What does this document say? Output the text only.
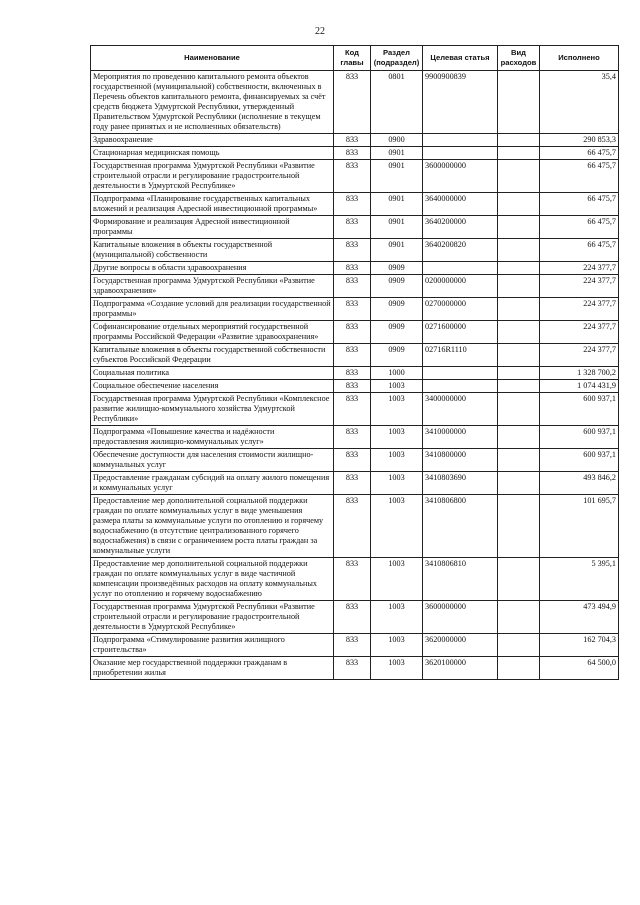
22
Наименование	Код главы	Раздел (подраздел)	Целевая статья	Вид расходов	Исполнено
Мероприятия по проведению капитального ремонта объектов государственной (муниципальной) собственности, включенных в Перечень объектов капитального ремонта, финансируемых за счёт средств бюджета Удмуртской Республики, утвержденный Правительством Удмуртской Республики (исполнение в текущем году ранее принятых и не исполненных обязательств)	833	0801	9900900839		35,4
Здравоохранение	833	0900			290 853,3
Стационарная медицинская помощь	833	0901			66 475,7
Государственная программа Удмуртской Республики «Развитие строительной отрасли и регулирование градостроительной деятельности в Удмуртской Республике»	833	0901	3600000000		66 475,7
Подпрограмма «Планирование государственных капитальных вложений и реализация Адресной инвестиционной программы»	833	0901	3640000000		66 475,7
Формирование и реализация Адресной инвестиционной программы	833	0901	3640200000		66 475,7
Капитальные вложения в объекты государственной (муниципальной) собственности	833	0901	3640200820		66 475,7
Другие вопросы в области здравоохранения	833	0909			224 377,7
Государственная программа Удмуртской Республики «Развитие здравоохранения»	833	0909	0200000000		224 377,7
Подпрограмма «Создание условий для реализации государственной программы»	833	0909	0270000000		224 377,7
Софинансирование отдельных мероприятий государственной программы Российской Федерации «Развитие здравоохранения»	833	0909	0271600000		224 377,7
Капитальные вложения в объекты государственной собственности субъектов Российской Федерации	833	0909	02716R1110		224 377,7
Социальная политика	833	1000			1 328 700,2
Социальное обеспечение населения	833	1003			1 074 431,9
Государственная программа Удмуртской Республики «Комплексное развитие жилищно-коммунального хозяйства Удмуртской Республики»	833	1003	3400000000		600 937,1
Подпрограмма «Повышение качества и надёжности предоставления жилищно-коммунальных услуг»	833	1003	3410000000		600 937,1
Обеспечение доступности для населения стоимости жилищно-коммунальных услуг	833	1003	3410800000		600 937,1
Предоставление гражданам субсидий на оплату жилого помещения и коммунальных услуг	833	1003	3410803690		493 846,2
Предоставление мер дополнительной социальной поддержки граждан по оплате коммунальных услуг в виде уменьшения размера платы за коммунальные услуги по отоплению и горячему водоснабжению (в отсутствие централизованного горячего водоснабжения) в связи с ограничением роста платы граждан за коммунальные услуги	833	1003	3410806800		101 695,7
Предоставление мер дополнительной социальной поддержки граждан по оплате коммунальных услуг в виде частичной компенсации произведённых расходов на оплату коммунальных услуг по отоплению и горячему водоснабжению	833	1003	3410806810		5 395,1
Государственная программа Удмуртской Республики «Развитие строительной отрасли и регулирование градостроительной деятельности в Удмуртской Республике»	833	1003	3600000000		473 494,9
Подпрограмма «Стимулирование развития жилищного строительства»	833	1003	3620000000		162 704,3
Оказание мер государственной поддержки гражданам в приобретении жилья	833	1003	3620100000		64 500,0
